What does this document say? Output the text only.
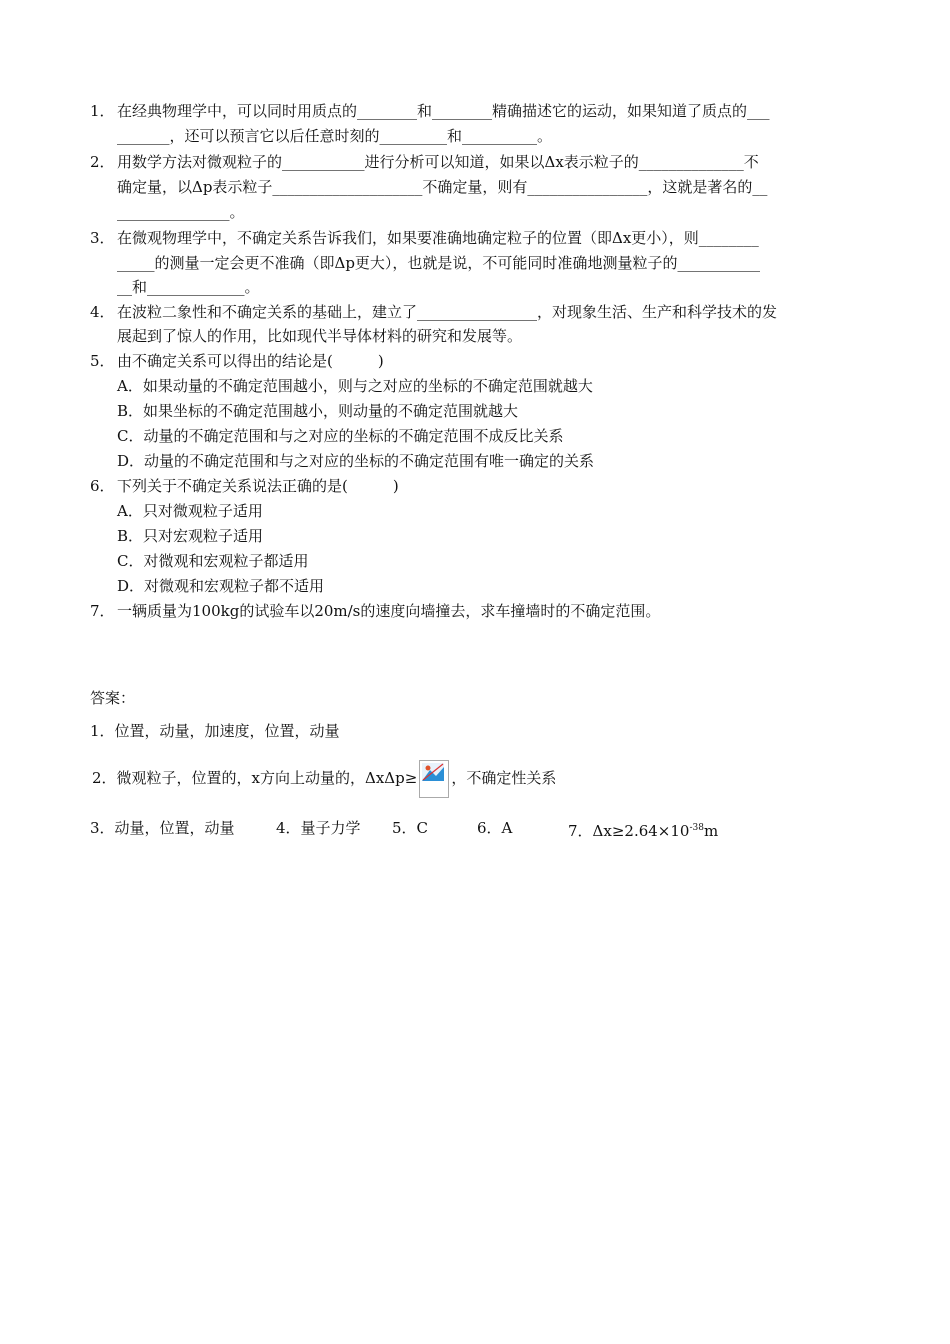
1． 在经典物理学中，可以同时用质点的________和________精确描述它的运动，如果知道了质点的___
_______，还可以预言它以后任意时刻的_________和__________。
2． 用数学方法对微观粒子的___________进行分析可以知道，如果以Δx表示粒子的______________不
确定量，以Δp表示粒子____________________不确定量，则有________________，这就是著名的__
_______________。
3． 在微观物理学中，不确定关系告诉我们，如果要准确地确定粒子的位置（即Δx更小），则________
_____的测量一定会更不准确（即Δp更大），也就是说，不可能同时准确地测量粒子的___________
__和_____________。
4． 在波粒二象性和不确定关系的基础上，建立了________________，对现象生活、生产和科学技术的发
展起到了惊人的作用，比如现代半导体材料的研究和发展等。
5． 由不确定关系可以得出的结论是(　　　)
A．如果动量的不确定范围越小，则与之对应的坐标的不确定范围就越大
B．如果坐标的不确定范围越小，则动量的不确定范围就越大
C．动量的不确定范围和与之对应的坐标的不确定范围不成反比关系
D．动量的不确定范围和与之对应的坐标的不确定范围有唯一确定的关系
6． 下列关于不确定关系说法正确的是(　　　)
A．只对微观粒子适用
B．只对宏观粒子适用
C．对微观和宏观粒子都适用
D．对微观和宏观粒子都不适用
7． 一辆质量为100kg的试验车以20m/s的速度向墙撞去，求车撞墙时的不确定范围。
答案：
1．位置，动量，加速度，位置，动量
2．微观粒子，位置的，x方向上动量的，ΔxΔp≥ ，不确定性关系
3．动量，位置，动量	4．量子力学 5．C	6．A	7．$\Delta x\ge 2.64\times 10^{-38}m$
